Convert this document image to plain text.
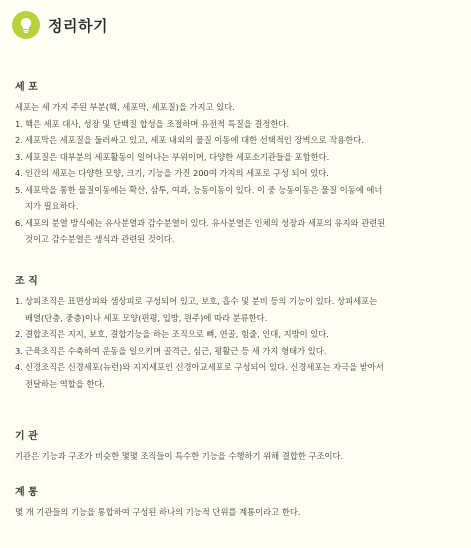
정리하기
세 포
세포는 세 가지 주된 부분(핵, 세포막, 세포질)을 가지고 있다.
1. 핵은 세포 대사, 성장 및 단백질 합성을 조절하며 유전적 특질을 결정한다.
2. 세포막은 세포질을 둘러싸고 있고, 세포 내외의 물질 이동에 대한 선택적인 장벽으로 작용한다.
3. 세포질은 대부분의 세포활동이 일어나는 부위이며, 다양한 세포소기관들을 포함한다.
4. 인간의 세포는 다양한 모양, 크기, 기능을 가진 200여 가지의 세포로 구성 되어 있다.
5. 세포막을 통한 물질이동에는 확산, 삼투, 여과, 능동이동이 있다. 이 중 능동이동은 물질 이동에 에너
지가 필요하다.
6. 세포의 분열 방식에는 유사분열과 감수분열이 있다. 유사분열은 인체의 성장과 세포의 유지와 관련된
것이고 감수분열은 생식과 관련된 것이다.
조 직
1. 상피조직은 표면상피와 샘상피로 구성되어 있고, 보호, 흡수 및 분비 등의 기능이 있다. 상피세포는
배열(단층, 중층)이나 세포 모양(편평, 입방, 원주)에 따라 분류한다.
2. 결합조직은 지지, 보호, 결합기능을 하는 조직으로 뼈, 연골, 힘줄, 인대, 지방이 있다.
3. 근육조직은 수축하여 운동을 일으키며 골격근, 심근, 평활근 등 세 가지 형태가 있다.
4. 신경조직은 신경세포(뉴런)와 지지세포인 신경아교세포로 구성되어 있다. 신경세포는 자극을 받아서
전달하는 역할을 한다.
기 관
기관은 기능과 구조가 비슷한 몇몇 조직들이 특수한 기능을 수행하기 위해 결합한 구조이다.
계 통
몇 개 기관들의 기능을 통합하여 구성된 하나의 기능적 단위를 계통이라고 한다.
